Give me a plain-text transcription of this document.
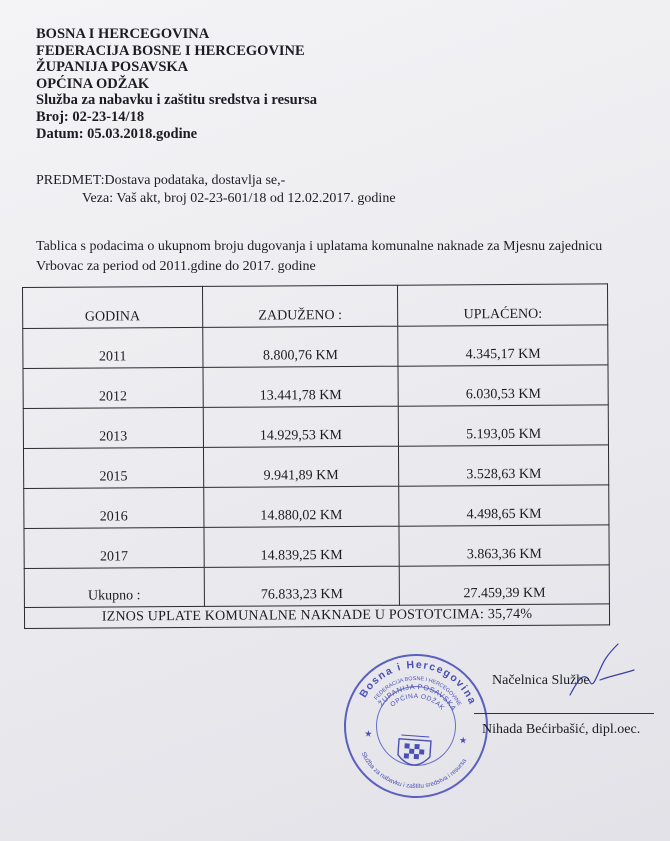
BOSNA I HERCEGOVINA
FEDERACIJA BOSNE I HERCEGOVINE
ŽUPANIJA POSAVSKA
OPĆINA ODŽAK
Služba za nabavku i zaštitu sredstva i resursa
Broj: 02-23-14/18
Datum: 05.03.2018.godine
PREDMET:Dostava podataka, dostavlja se,-
Veza: Vaš akt, broj 02-23-601/18 od 12.02.2017. godine
Tablica s podacima o ukupnom broju dugovanja i uplatama komunalne naknade za Mjesnu zajednicu Vrbovac za period od 2011.gdine do 2017. godine
GODINA	ZADUŽENO :	UPLAĆENO:
2011	8.800,76 KM	4.345,17 KM
2012	13.441,78 KM	6.030,53 KM
2013	14.929,53 KM	5.193,05 KM
2015	9.941,89 KM	3.528,63 KM
2016	14.880,02 KM	4.498,65 KM
2017	14.839,25 KM	3.863,36 KM
Ukupno :	76.833,23 KM	27.459,39 KM
IZNOS UPLATE KOMUNALNE NAKNADE U POSTOTCIMA: 35,74%		
Bosna i Hercegovina
FEDERACIJA BOSNE I HERCEGOVINE
ŽUPANIJA POSAVSKA
OPĆINA ODŽAK
Služba za nabavku i zaštitu sredstva i resursa
★
★
Načelnica Službe
Nihada Bećirbašić, dipl.oec.
